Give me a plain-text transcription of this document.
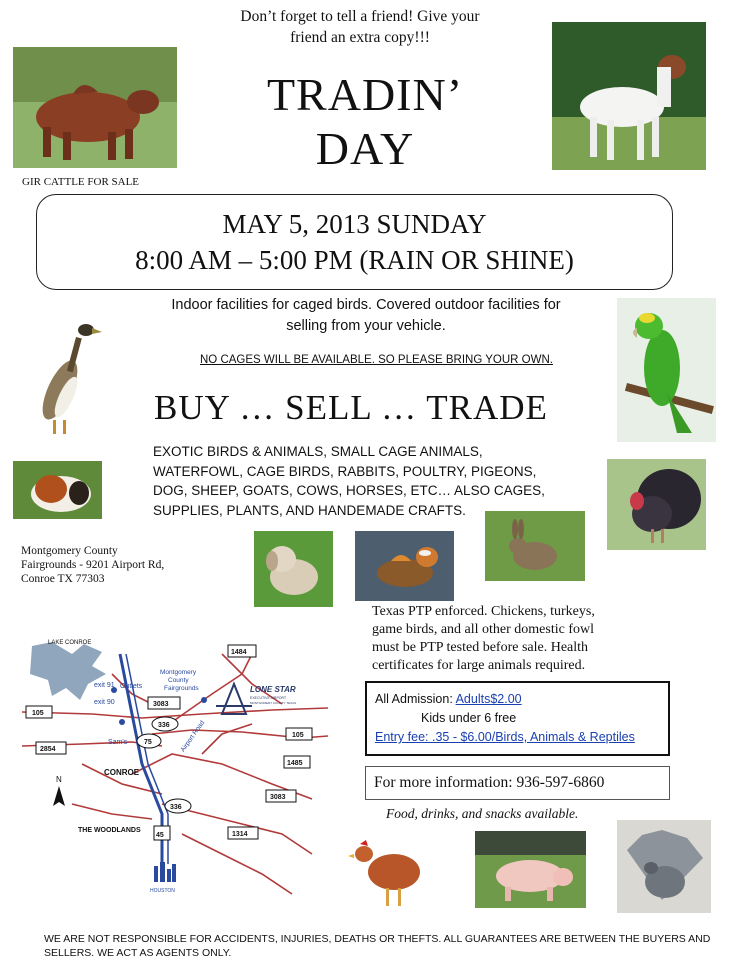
Don’t forget to tell a friend! Give your
friend an extra copy!!!
TRADIN’
DAY
GIR CATTLE FOR SALE
MAY 5, 2013 SUNDAY
8:00 AM – 5:00 PM (RAIN OR SHINE)
Indoor facilities for caged birds. Covered outdoor facilities for
selling from your vehicle.
NO CAGES WILL BE AVAILABLE. SO PLEASE BRING YOUR OWN.
BUY … SELL … TRADE
EXOTIC BIRDS & ANIMALS, SMALL CAGE ANIMALS,
WATERFOWL, CAGE BIRDS, RABBITS, POULTRY, PIGEONS,
DOG, SHEEP, GOATS, COWS, HORSES, ETC… ALSO CAGES,
SUPPLIES, PLANTS, AND HANDEMADE CRAFTS.
Montgomery County
Fairgrounds - 9201 Airport Rd,
Conroe TX 77303
LAKE CONROE
exit 91
exit 90
Outlets
Montgomery
County
Fairgrounds	LONE STAR
EXECUTIVE AIRPORT
MONTGOMERY COUNTY TEXAS
1484
3083
336
105
105
2854
75
Sam's	Airport Road
1485
CONROE
3083
N
336
THE WOODLANDS
1314
45
HOUSTON
Texas PTP enforced. Chickens, turkeys,
game birds, and all other domestic fowl
must be PTP tested before sale. Health
certificates for large animals required.
All Admission: Adults$2.00
Kids under 6 free
Entry fee: .35 - $6.00/Birds, Animals & Reptiles
For more information: 936-597-6860
Food, drinks, and snacks available.
WE ARE NOT RESPONSIBLE FOR ACCIDENTS, INJURIES, DEATHS OR THEFTS. ALL GUARANTEES ARE BETWEEN THE BUYERS AND
SELLERS. WE ACT AS AGENTS ONLY.
